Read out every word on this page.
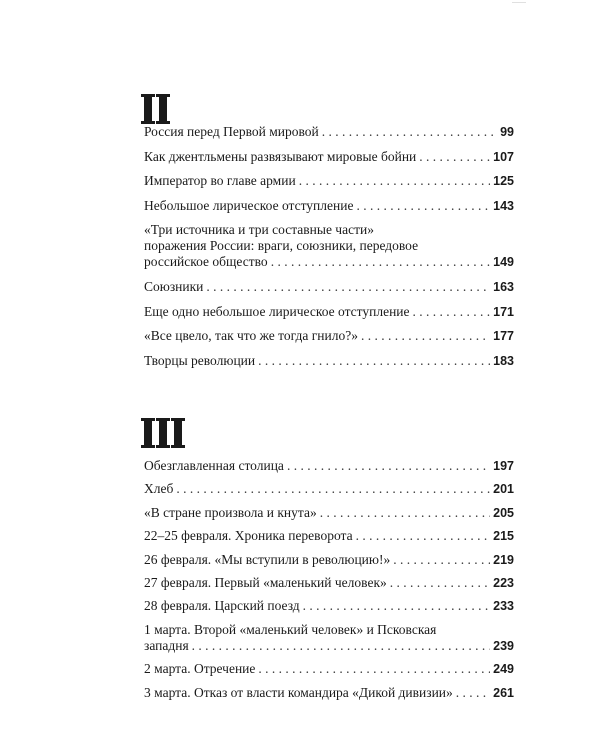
Россия перед Первой мировой . . .	99
Как джентльмены развязывают мировые бойни . . .	107
Император во главе армии . . .	125
Небольшое лирическое отступление . . .	143
«Три источника и три составные части»
поражения России: враги, союзники, передовое
российское общество . . .	149
Союзники . . .	163
Еще одно небольшое лирическое отступление . . .	171
«Все цвело, так что же тогда гнило?» . . .	177
Творцы революции . . .	183
Обезглавленная столица . . .	197
Хлеб . . .	201
«В стране произвола и кнута» . . .	205
22–25 февраля. Хроника переворота . . .	215
26 февраля. «Мы вступили в революцию!» . . .	219
27 февраля. Первый «маленький человек» . . .	223
28 февраля. Царский поезд . . .	233
1 марта. Второй «маленький человек» и Псковская
западня . . .	239
2 марта. Отречение . . .	249
3 марта. Отказ от власти командира «Дикой дивизии» . . .	261
